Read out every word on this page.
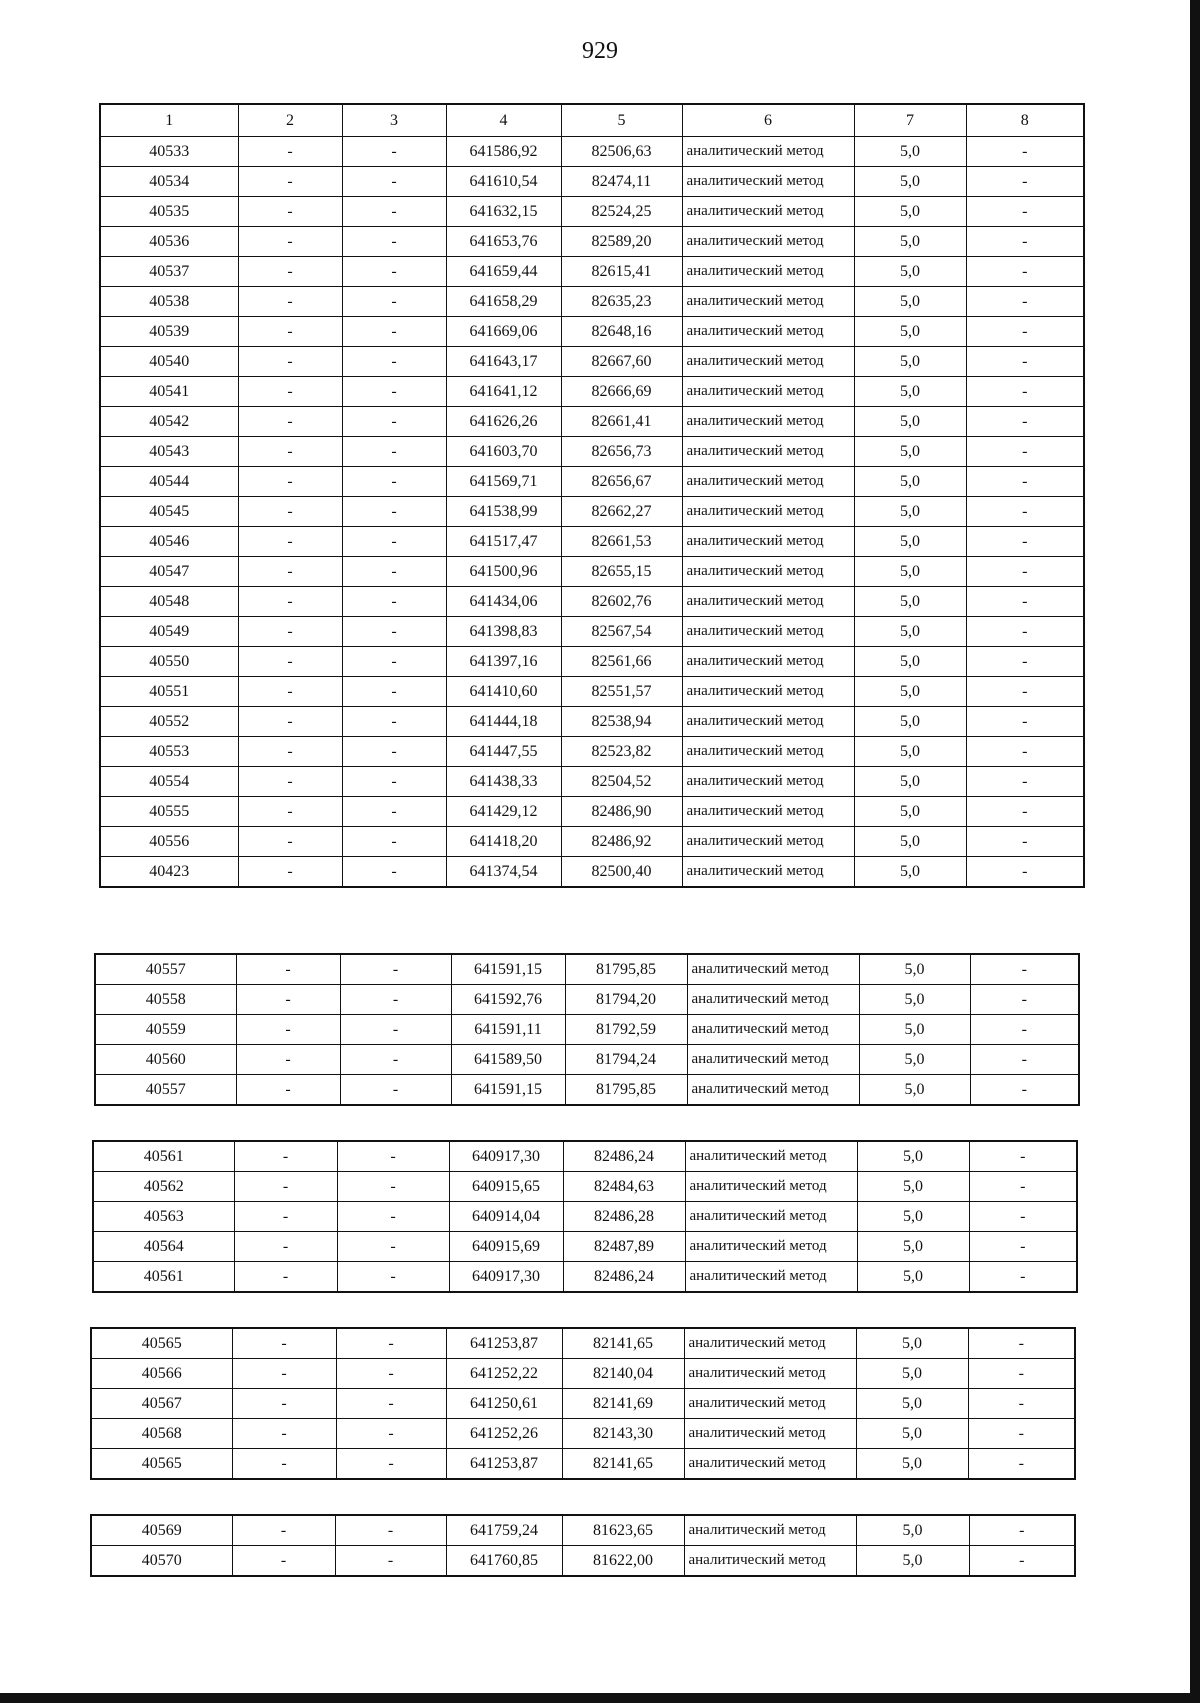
929
1	2	3	4	5	6	7	8
40533	-	-	641586,92	82506,63	аналитический метод	5,0	-
40534	-	-	641610,54	82474,11	аналитический метод	5,0	-
40535	-	-	641632,15	82524,25	аналитический метод	5,0	-
40536	-	-	641653,76	82589,20	аналитический метод	5,0	-
40537	-	-	641659,44	82615,41	аналитический метод	5,0	-
40538	-	-	641658,29	82635,23	аналитический метод	5,0	-
40539	-	-	641669,06	82648,16	аналитический метод	5,0	-
40540	-	-	641643,17	82667,60	аналитический метод	5,0	-
40541	-	-	641641,12	82666,69	аналитический метод	5,0	-
40542	-	-	641626,26	82661,41	аналитический метод	5,0	-
40543	-	-	641603,70	82656,73	аналитический метод	5,0	-
40544	-	-	641569,71	82656,67	аналитический метод	5,0	-
40545	-	-	641538,99	82662,27	аналитический метод	5,0	-
40546	-	-	641517,47	82661,53	аналитический метод	5,0	-
40547	-	-	641500,96	82655,15	аналитический метод	5,0	-
40548	-	-	641434,06	82602,76	аналитический метод	5,0	-
40549	-	-	641398,83	82567,54	аналитический метод	5,0	-
40550	-	-	641397,16	82561,66	аналитический метод	5,0	-
40551	-	-	641410,60	82551,57	аналитический метод	5,0	-
40552	-	-	641444,18	82538,94	аналитический метод	5,0	-
40553	-	-	641447,55	82523,82	аналитический метод	5,0	-
40554	-	-	641438,33	82504,52	аналитический метод	5,0	-
40555	-	-	641429,12	82486,90	аналитический метод	5,0	-
40556	-	-	641418,20	82486,92	аналитический метод	5,0	-
40423	-	-	641374,54	82500,40	аналитический метод	5,0	-
40557	-	-	641591,15	81795,85	аналитический метод	5,0	-
40558	-	-	641592,76	81794,20	аналитический метод	5,0	-
40559	-	-	641591,11	81792,59	аналитический метод	5,0	-
40560	-	-	641589,50	81794,24	аналитический метод	5,0	-
40557	-	-	641591,15	81795,85	аналитический метод	5,0	-
40561	-	-	640917,30	82486,24	аналитический метод	5,0	-
40562	-	-	640915,65	82484,63	аналитический метод	5,0	-
40563	-	-	640914,04	82486,28	аналитический метод	5,0	-
40564	-	-	640915,69	82487,89	аналитический метод	5,0	-
40561	-	-	640917,30	82486,24	аналитический метод	5,0	-
40565	-	-	641253,87	82141,65	аналитический метод	5,0	-
40566	-	-	641252,22	82140,04	аналитический метод	5,0	-
40567	-	-	641250,61	82141,69	аналитический метод	5,0	-
40568	-	-	641252,26	82143,30	аналитический метод	5,0	-
40565	-	-	641253,87	82141,65	аналитический метод	5,0	-
40569	-	-	641759,24	81623,65	аналитический метод	5,0	-
40570	-	-	641760,85	81622,00	аналитический метод	5,0	-
